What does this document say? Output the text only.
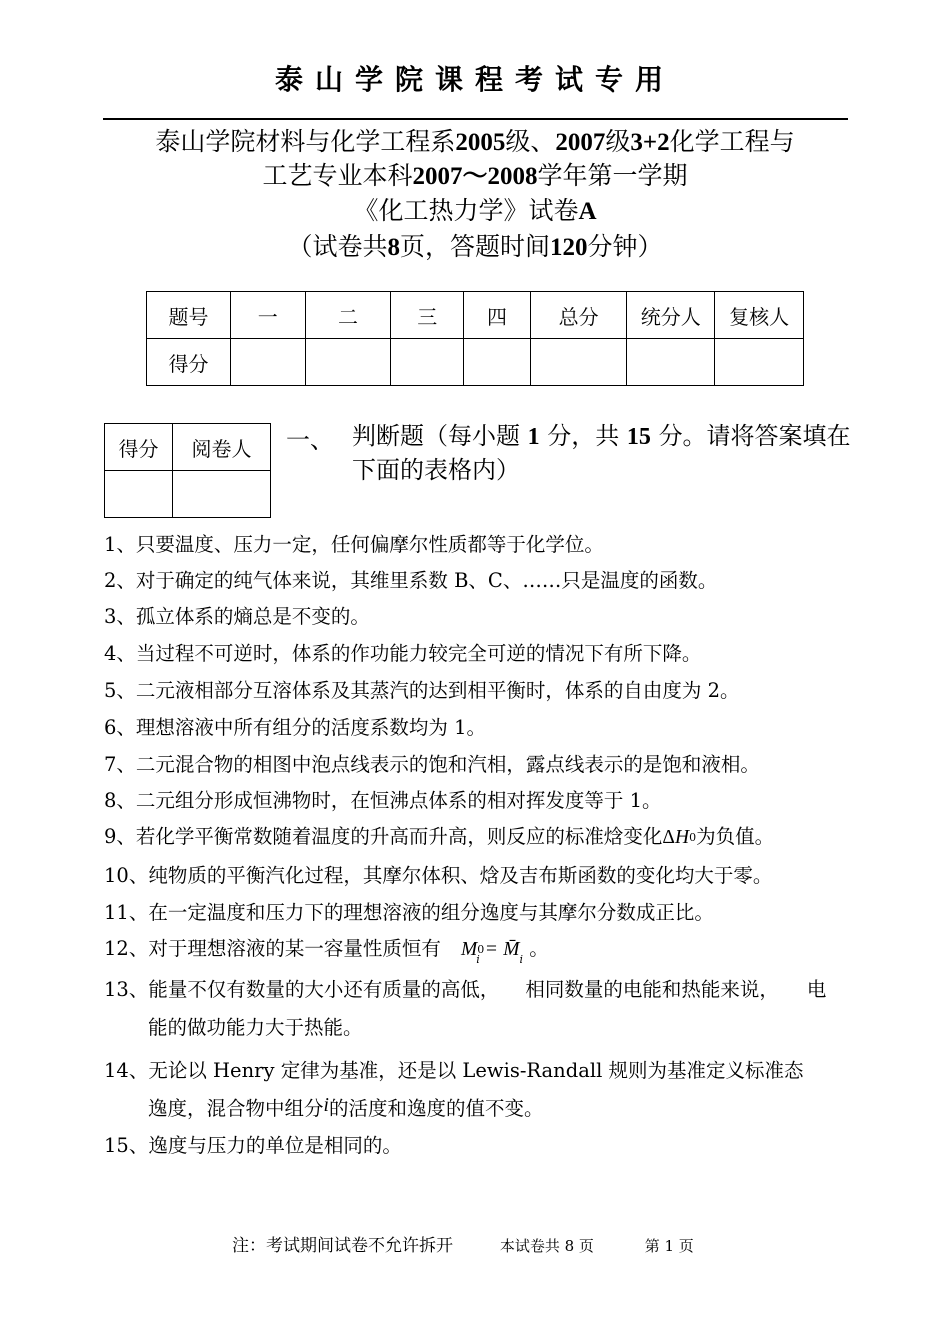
泰山学院课程考试专用
泰山学院材料与化学工程系2005级、2007级3+2化学工程与
工艺专业本科2007～2008学年第一学期
《化工热力学》试卷A
（试卷共8页，答题时间120分钟）
题号	一	二	三	四	总分	统分人	复核人
得分							
得分	阅卷人
	一、 判断题（每小题 1 分，共 15 分。请将答案填在下面的表格内）
1、只要温度、压力一定，任何偏摩尔性质都等于化学位。
2、对于确定的纯气体来说，其维里系数 B、C、……只是温度的函数。
3、孤立体系的熵总是不变的。
4、当过程不可逆时，体系的作功能力较完全可逆的情况下有所下降。
5、二元液相部分互溶体系及其蒸汽的达到相平衡时，体系的自由度为 2。
6、理想溶液中所有组分的活度系数均为 1。
7、二元混合物的相图中泡点线表示的饱和汽相，露点线表示的是饱和液相。
8、二元组分形成恒沸物时，在恒沸点体系的相对挥发度等于 1。
9、若化学平衡常数随着温度的升高而升高，则反应的标准焓变化ΔH0为负值。
10、纯物质的平衡汽化过程，其摩尔体积、焓及吉布斯函数的变化均大于零。
11、在一定温度和压力下的理想溶液的组分逸度与其摩尔分数成正比。
12、对于理想溶液的某一容量性质恒有 $M0_i$ = $M̄_i$ 。
13、能量不仅有数量的大小还有质量的高低， 相同数量的电能和热能来说， 电
能的做功能力大于热能。
14、无论以 Henry 定律为基准，还是以 Lewis-Randall 规则为基准定义标准态
逸度，混合物中组分i的活度和逸度的值不变。
15、逸度与压力的单位是相同的。
注：考试期间试卷不允许拆开	本试卷共 8 页	第 1 页
